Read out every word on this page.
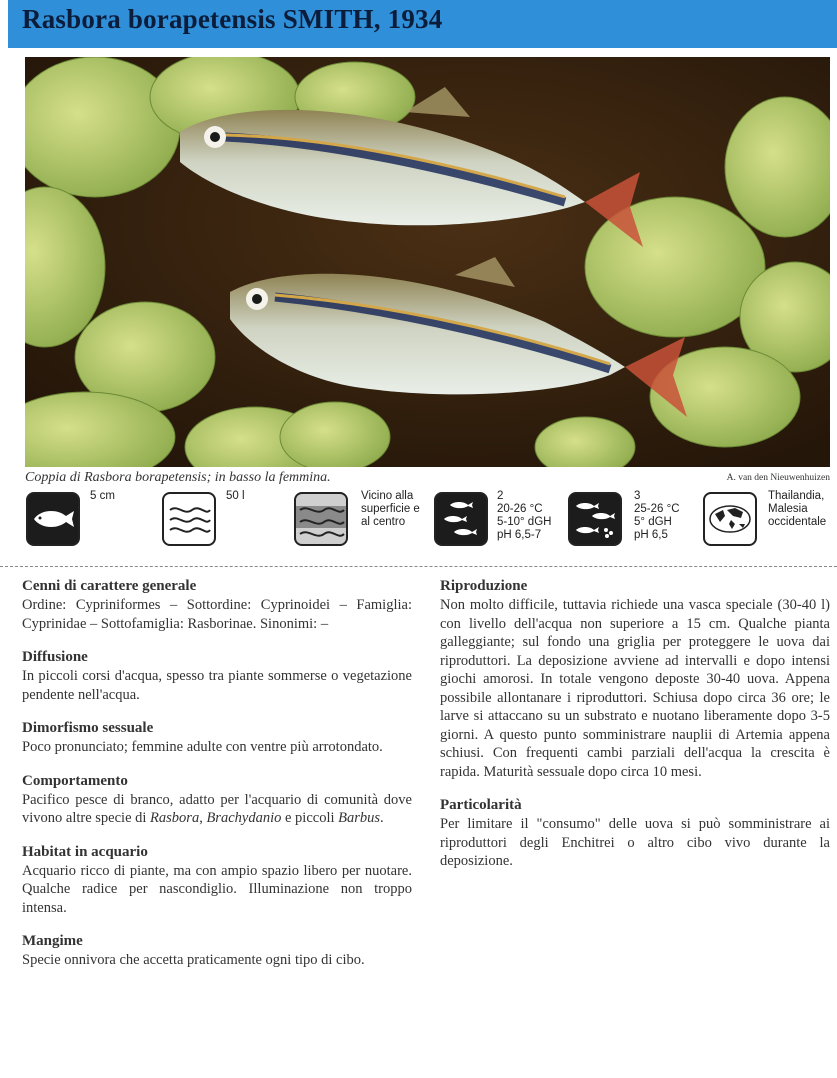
Rasbora borapetensis SMITH, 1934
Coppia di Rasbora borapetensis; in basso la femmina.	A. van den Nieuwenhuizen
5 cm	50 l	Vicino alla
superficie e
al centro
2
20-26 °C
5-10° dGH
pH 6,5-7
3
25-26 °C
5° dGH
pH 6,5
Thailandia,
Malesia
occidentale
Cenni di carattere generale

Ordine: Cypriniformes – Sottordine: Cyprinoidei – Famiglia: Cyprinidae – Sottofamiglia: Rasborinae. Sinonimi: –

Diffusione

In piccoli corsi d'acqua, spesso tra piante sommerse o vegetazione pendente nell'acqua.

Dimorfismo sessuale

Poco pronunciato; femmine adulte con ventre più arrotondato.

Comportamento

Pacifico pesce di branco, adatto per l'acquario di comunità dove vivono altre specie di Rasbora, Brachydanio e piccoli Barbus.

Habitat in acquario

Acquario ricco di piante, ma con ampio spazio libero per nuotare. Qualche radice per nascondiglio. Illuminazione non troppo intensa.

Mangime

Specie onnivora che accetta praticamente ogni tipo di cibo.

Riproduzione

Non molto difficile, tuttavia richiede una vasca speciale (30-40 l) con livello dell'acqua non superiore a 15 cm. Qualche pianta galleggiante; sul fondo una griglia per proteggere le uova dai riproduttori. La deposizione avviene ad intervalli e dopo intensi giochi amorosi. In totale vengono deposte 30-40 uova. Appena possibile allontanare i riproduttori. Schiusa dopo circa 36 ore; le larve si attaccano su un substrato e nuotano liberamente dopo 3-5 giorni. A questo punto somministrare nauplii di Artemia appena schiusi. Con frequenti cambi parziali dell'acqua la crescita è rapida. Maturità sessuale dopo circa 10 mesi.

Particolarità

Per limitare il "consumo" delle uova si può somministrare ai riproduttori degli Enchitrei o altro cibo vivo durante la deposizione.
